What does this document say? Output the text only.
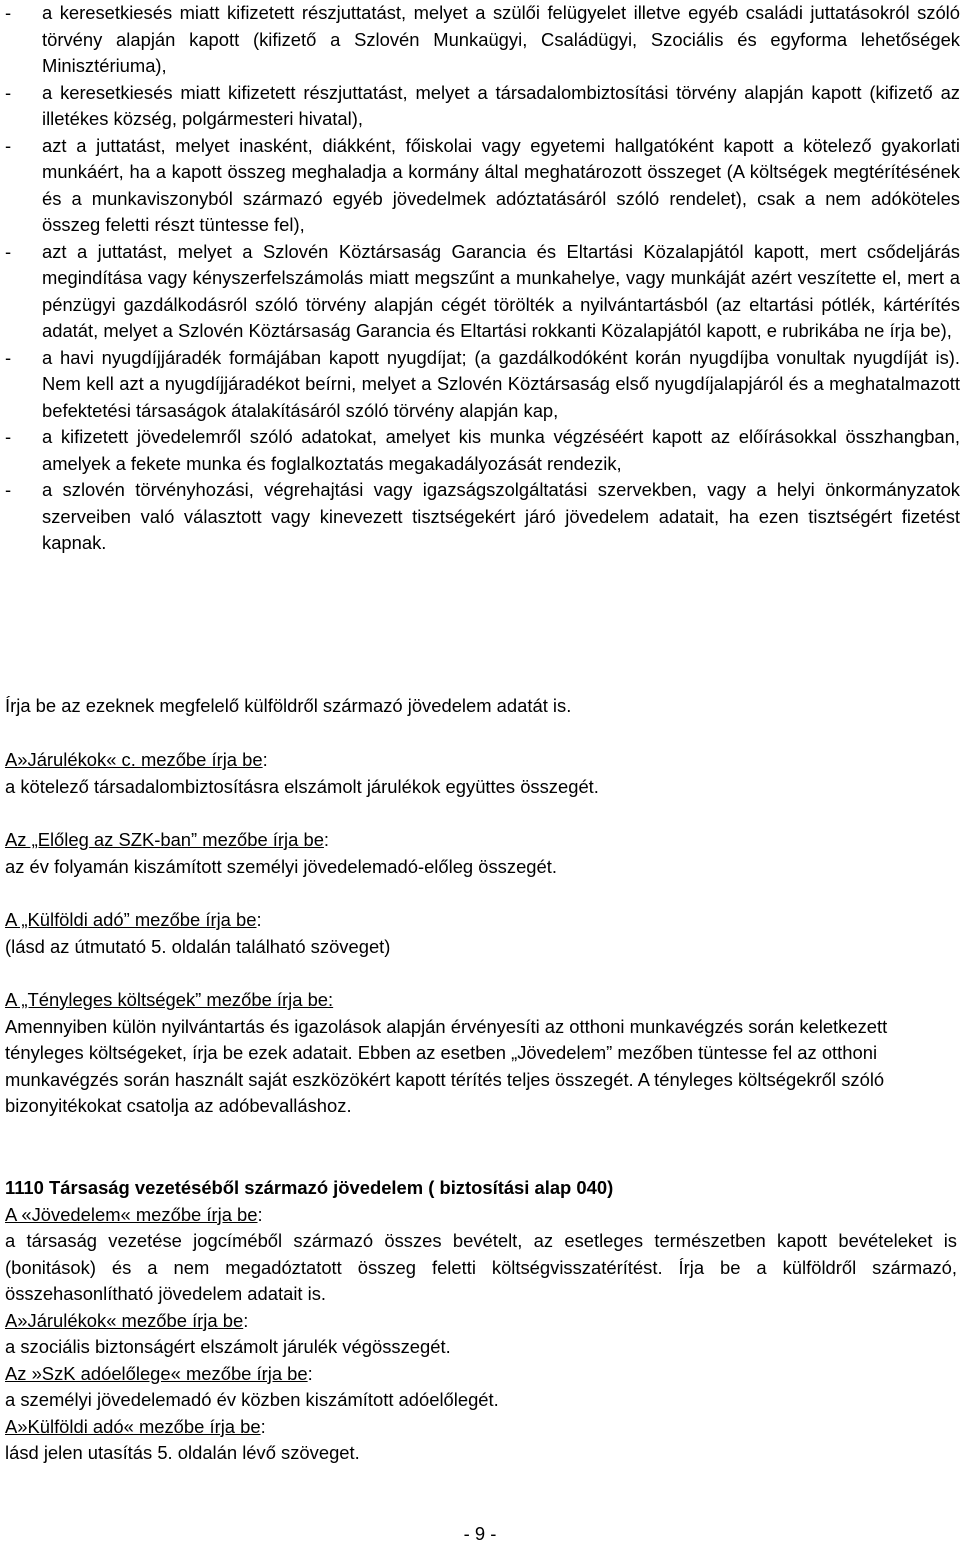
- a keresetkiesés miatt kifizetett részjuttatást, melyet a szülői felügyelet illetve egyéb családi juttatásokról szóló törvény alapján kapott (kifizető a Szlovén Munkaügyi, Családügyi, Szociális és egyforma lehetőségek Minisztériuma),
- a keresetkiesés miatt kifizetett részjuttatást, melyet a társadalombiztosítási törvény alapján kapott (kifizető az illetékes község, polgármesteri hivatal),
- azt a juttatást, melyet inasként, diákként, főiskolai vagy egyetemi hallgatóként kapott a kötelező gyakorlati munkáért, ha a kapott összeg meghaladja a kormány által meghatározott összeget (A költségek megtérítésének és a munkaviszonyból származó egyéb jövedelmek adóztatásáról szóló rendelet), csak a nem adóköteles összeg feletti részt tüntesse fel),
- azt a juttatást, melyet a Szlovén Köztársaság Garancia és Eltartási Közalapjától kapott, mert csődeljárás megindítása vagy kényszerfelszámolás miatt megszűnt a munkahelye, vagy munkáját azért veszítette el, mert a pénzügyi gazdálkodásról szóló törvény alapján cégét törölték a nyilvántartásból (az eltartási pótlék, kártérítés adatát, melyet a Szlovén Köztársaság Garancia és Eltartási rokkanti Közalapjától kapott, e rubrikába ne írja be),
- a havi nyugdíjjáradék formájában kapott nyugdíjat; (a gazdálkodóként korán nyugdíjba vonultak nyugdíját is). Nem kell azt a nyugdíjjáradékot beírni, melyet a Szlovén Köztársaság első nyugdíjalapjáról és a meghatalmazott befektetési társaságok átalakításáról szóló törvény alapján kap,
- a kifizetett jövedelemről szóló adatokat, amelyet kis munka végzéséért kapott az előírásokkal összhangban, amelyek a fekete munka és foglalkoztatás megakadályozását rendezik,
- a szlovén törvényhozási, végrehajtási vagy igazságszolgáltatási szervekben, vagy a helyi önkormányzatok szerveiben való választott vagy kinevezett tisztségekért járó jövedelem adatait, ha ezen tisztségért fizetést kapnak.

Írja be az ezeknek megfelelő külföldről származó jövedelem adatát is.

A»Járulékok« c. mezőbe írja be:

a kötelező társadalombiztosításra elszámolt járulékok együttes összegét.

Az „Előleg az SZK-ban” mezőbe írja be:

az év folyamán kiszámított személyi jövedelemadó-előleg összegét.

A „Külföldi adó” mezőbe írja be:

(lásd az útmutató 5. oldalán található szöveget)

A „Tényleges költségek” mezőbe írja be:

Amennyiben külön nyilvántartás és igazolások alapján érvényesíti az otthoni munkavégzés során keletkezett tényleges költségeket, írja be ezek adatait. Ebben az esetben „Jövedelem” mezőben tüntesse fel az otthoni munkavégzés során használt saját eszközökért kapott térítés teljes összegét. A tényleges költségekről szóló bizonyitékokat csatolja az adóbevalláshoz.

1110 Társaság vezetéséből származó jövedelem ( biztosítási alap 040)

A «Jövedelem« mezőbe írja be:

a társaság vezetése jogcíméből származó összes bevételt, az esetleges természetben kapott bevételeket is (bonitások) és a nem megadóztatott összeg feletti költségvisszatérítést. Írja be a külföldről származó, összehasonlítható jövedelem adatait is.

A»Járulékok« mezőbe írja be:

a szociális biztonságért elszámolt járulék végösszegét.

Az »SzK adóelőlege« mezőbe írja be:

a személyi jövedelemadó év közben kiszámított adóelőlegét.

A»Külföldi adó« mezőbe írja be:

lásd jelen utasítás 5. oldalán lévő szöveget.

- 9 -
